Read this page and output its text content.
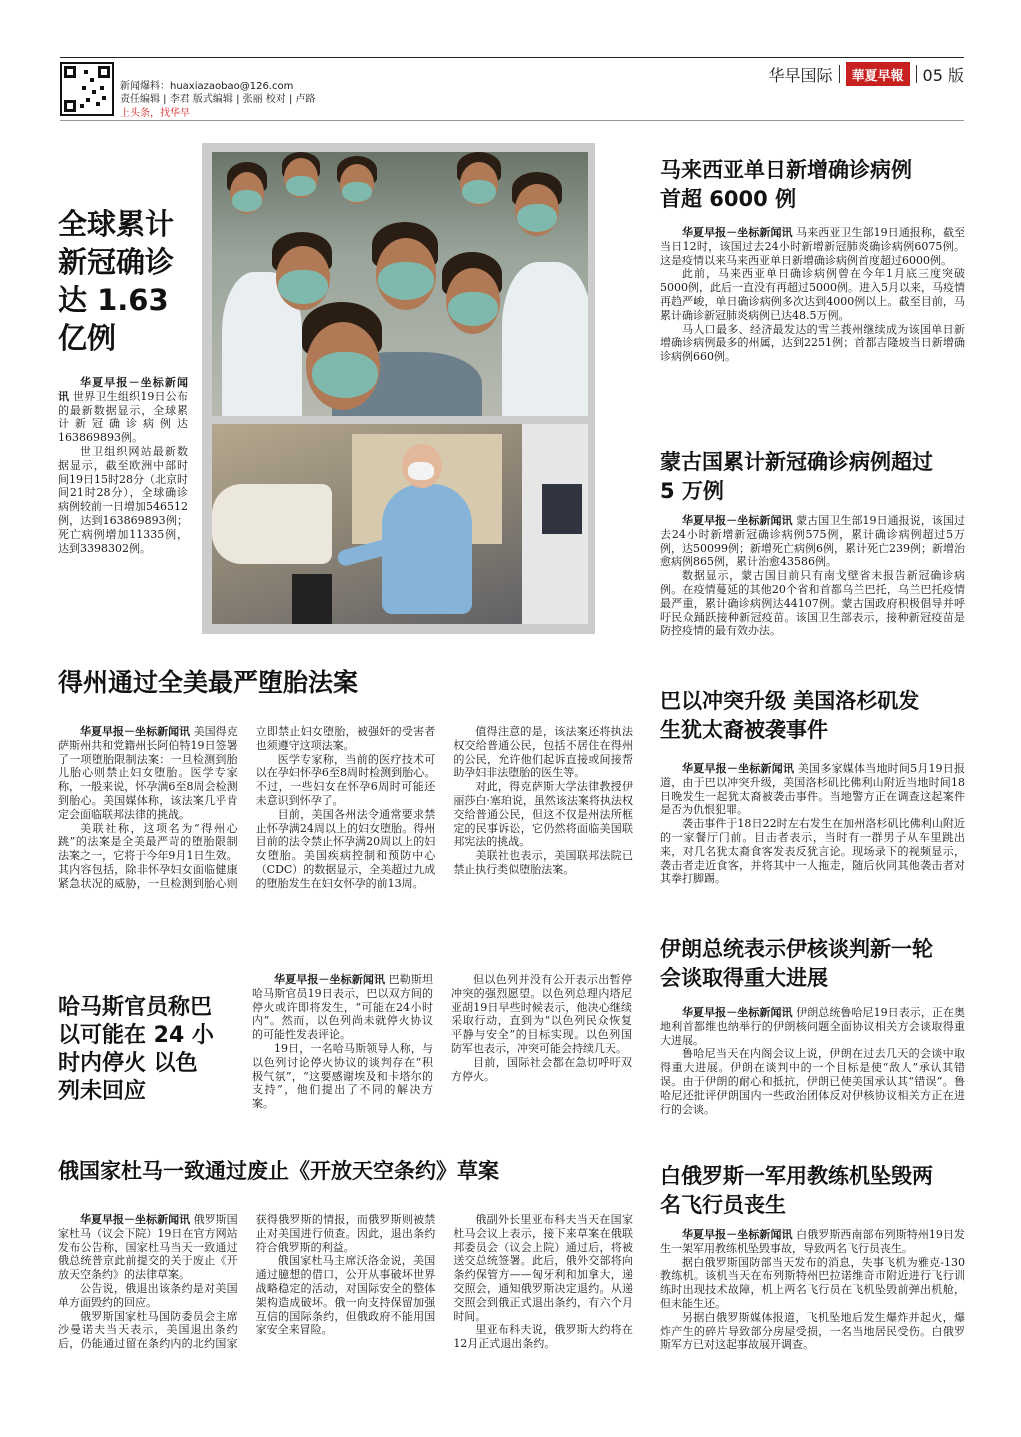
新闻爆料：huaxiazaobao@126.com
责任编辑 | 李君 版式编辑 | 张丽 校对 | 卢路
上头条，找华早
华早国际	華夏早報	05 版
全球累计
新冠确诊
达 1.63
亿例

华夏早报－坐标新闻讯 世界卫生组织19日公布的最新数据显示，全球累计新冠确诊病例达163869893例。

世卫组织网站最新数据显示，截至欧洲中部时间19日15时28分（北京时间21时28分），全球确诊病例较前一日增加546512例，达到163869893例；死亡病例增加11335例，达到3398302例。

马来西亚单日新增确诊病例
首超 6000 例

华夏早报－坐标新闻讯 马来西亚卫生部19日通报称，截至当日12时，该国过去24小时新增新冠肺炎确诊病例6075例。这是疫情以来马来西亚单日新增确诊病例首度超过6000例。

此前，马来西亚单日确诊病例曾在今年1月底三度突破5000例，此后一直没有再超过5000例。进入5月以来，马疫情再趋严峻，单日确诊病例多次达到4000例以上。截至目前，马累计确诊新冠肺炎病例已达48.5万例。

马人口最多、经济最发达的雪兰莪州继续成为该国单日新增确诊病例最多的州属，达到2251例；首都吉隆坡当日新增确诊病例660例。

蒙古国累计新冠确诊病例超过
5 万例

华夏早报－坐标新闻讯 蒙古国卫生部19日通报说，该国过去24小时新增新冠确诊病例575例，累计确诊病例超过5万例，达50099例；新增死亡病例6例，累计死亡239例；新增治愈病例865例，累计治愈43586例。

数据显示，蒙古国目前只有南戈壁省未报告新冠确诊病例。在疫情蔓延的其他20个省和首都乌兰巴托，乌兰巴托疫情最严重，累计确诊病例达44107例。蒙古国政府积极倡导并呼吁民众踊跃接种新冠疫苗。该国卫生部表示，接种新冠疫苗是防控疫情的最有效办法。

得州通过全美最严堕胎法案

华夏早报－坐标新闻讯 美国得克萨斯州共和党籍州长阿伯特19日签署了一项堕胎限制法案：一旦检测到胎儿胎心则禁止妇女堕胎。医学专家称，一般来说，怀孕满6至8周会检测到胎心。美国媒体称，该法案几乎肯定会面临联邦法律的挑战。

美联社称，这项名为“得州心跳”的法案是全美最严苛的堕胎限制法案之一，它将于今年9月1日生效。其内容包括，除非怀孕妇女面临健康紧急状况的威胁，一旦检测到胎心则立即禁止妇女堕胎，被强奸的受害者也须遵守这项法案。

医学专家称，当前的医疗技术可以在孕妇怀孕6至8周时检测到胎心。不过，一些妇女在怀孕6周时可能还未意识到怀孕了。

目前，美国各州法令通常要求禁止怀孕满24周以上的妇女堕胎。得州目前的法令禁止怀孕满20周以上的妇女堕胎。美国疾病控制和预防中心（CDC）的数据显示，全美超过九成的堕胎发生在妇女怀孕的前13周。

值得注意的是，该法案还将执法权交给普通公民，包括不居住在得州的公民，允许他们起诉直接或间接帮助孕妇非法堕胎的医生等。

对此，得克萨斯大学法律教授伊丽莎白·塞珀说，虽然该法案将执法权交给普通公民，但这不仅是州法所框定的民事诉讼，它仍然将面临美国联邦宪法的挑战。

美联社也表示，美国联邦法院已禁止执行类似堕胎法案。

巴以冲突升级 美国洛杉矶发
生犹太裔被袭事件

华夏早报－坐标新闻讯 美国多家媒体当地时间5月19日报道，由于巴以冲突升级，美国洛杉矶比佛利山附近当地时间18日晚发生一起犹太裔被袭击事件。当地警方正在调查这起案件是否为仇恨犯罪。

袭击事件于18日22时左右发生在加州洛杉矶比佛利山附近的一家餐厅门前。目击者表示，当时有一群男子从车里跳出来，对几名犹太裔食客发表反犹言论。现场录下的视频显示，袭击者走近食客，并将其中一人拖走，随后伙同其他袭击者对其拳打脚踢。

哈马斯官员称巴
以可能在 24 小
时内停火 以色
列未回应

华夏早报－坐标新闻讯 巴勒斯坦哈马斯官员19日表示，巴以双方间的停火或许即将发生，“可能在24小时内”。然而，以色列尚未就停火协议的可能性发表评论。

19日，一名哈马斯领导人称，与以色列讨论停火协议的谈判存在“积极气氛”，“这要感谢埃及和卡塔尔的支持”，他们提出了不同的解决方案。

但以色列并没有公开表示出暂停冲突的强烈愿望。以色列总理内塔尼亚胡19日早些时候表示，他决心继续采取行动，直到为“以色列民众恢复平静与安全”的目标实现。以色列国防军也表示，冲突可能会持续几天。

目前，国际社会都在急切呼吁双方停火。

伊朗总统表示伊核谈判新一轮
会谈取得重大进展

华夏早报－坐标新闻讯 伊朗总统鲁哈尼19日表示，正在奥地利首都维也纳举行的伊朗核问题全面协议相关方会谈取得重大进展。

鲁哈尼当天在内阁会议上说，伊朗在过去几天的会谈中取得重大进展。伊朗在谈判中的一个目标是使“敌人”承认其错误。由于伊朗的耐心和抵抗，伊朗已使美国承认其“错误”。鲁哈尼还批评伊朗国内一些政治团体反对伊核协议相关方正在进行的会谈。

俄国家杜马一致通过废止《开放天空条约》草案

华夏早报－坐标新闻讯 俄罗斯国家杜马（议会下院）19日在官方网站发布公告称，国家杜马当天一致通过俄总统普京此前提交的关于废止《开放天空条约》的法律草案。

公告说，俄退出该条约是对美国单方面毁约的回应。

俄罗斯国家杜马国防委员会主席沙曼诺夫当天表示，美国退出条约后，仍能通过留在条约内的北约国家获得俄罗斯的情报，而俄罗斯则被禁止对美国进行侦查。因此，退出条约符合俄罗斯的利益。

俄国家杜马主席沃洛金说，美国通过臆想的借口，公开从事破坏世界战略稳定的活动，对国际安全的整体架构造成破坏。俄一向支持保留加强互信的国际条约，但俄政府不能用国家安全来冒险。

俄副外长里亚布科夫当天在国家杜马会议上表示，接下来草案在俄联邦委员会（议会上院）通过后，将被送交总统签署。此后，俄外交部将向条约保管方——匈牙利和加拿大，递交照会，通知俄罗斯决定退约。从递交照会到俄正式退出条约，有六个月时间。

里亚布科夫说，俄罗斯大约将在12月正式退出条约。

白俄罗斯一军用教练机坠毁两
名飞行员丧生

华夏早报－坐标新闻讯 白俄罗斯西南部布列斯特州19日发生一架军用教练机坠毁事故，导致两名飞行员丧生。

据白俄罗斯国防部当天发布的消息，失事飞机为雅克-130教练机。该机当天在布列斯特州巴拉诺维奇市附近进行飞行训练时出现技术故障，机上两名飞行员在飞机坠毁前弹出机舱，但未能生还。

另据白俄罗斯媒体报道，飞机坠地后发生爆炸并起火，爆炸产生的碎片导致部分房屋受损，一名当地居民受伤。白俄罗斯军方已对这起事故展开调查。
